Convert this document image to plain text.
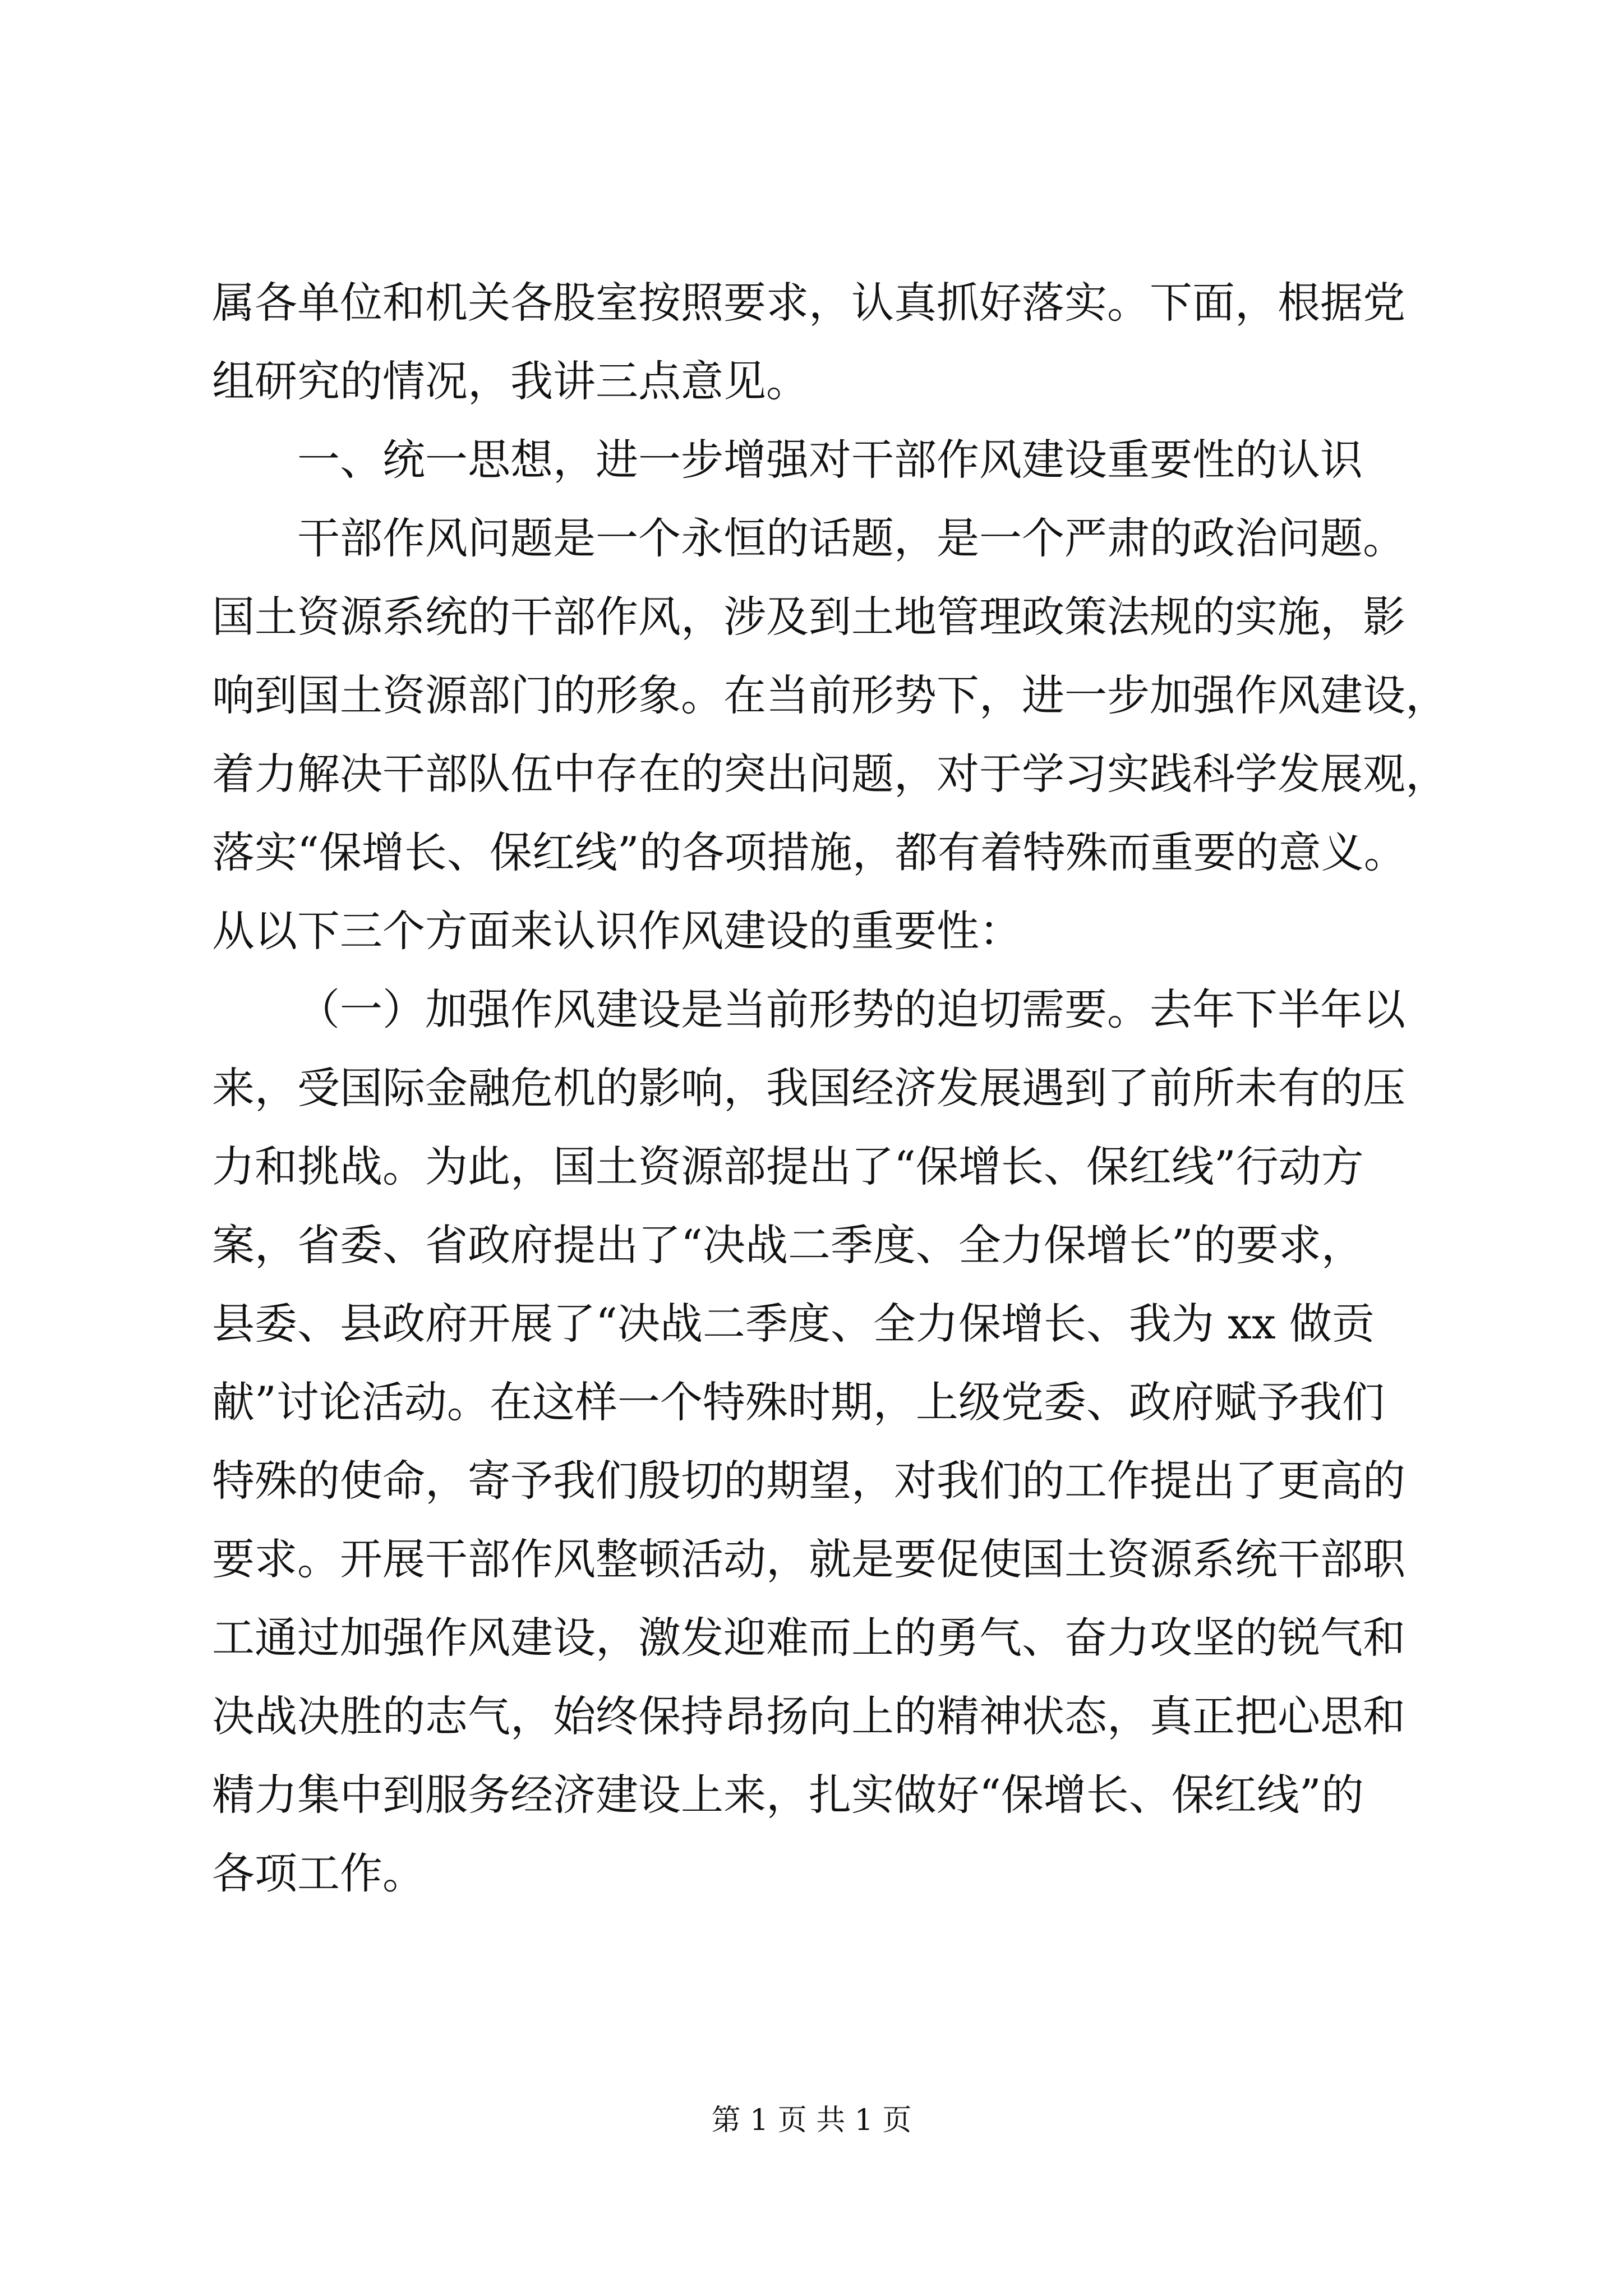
属各单位和机关各股室按照要求，认真抓好落实。下面，根据党
组研究的情况，我讲三点意见。
一、统一思想，进一步增强对干部作风建设重要性的认识
干部作风问题是一个永恒的话题，是一个严肃的政治问题。
国土资源系统的干部作风，涉及到土地管理政策法规的实施，影
响到国土资源部门的形象。在当前形势下，进一步加强作风建设，
着力解决干部队伍中存在的突出问题，对于学习实践科学发展观，
落实“保增长、保红线”的各项措施，都有着特殊而重要的意义。
从以下三个方面来认识作风建设的重要性：
（一）加强作风建设是当前形势的迫切需要。去年下半年以
来，受国际金融危机的影响，我国经济发展遇到了前所未有的压
力和挑战。为此，国土资源部提出了“保增长、保红线”行动方
案，省委、省政府提出了“决战二季度、全力保增长”的要求，
县委、县政府开展了“决战二季度、全力保增长、我为 xx 做贡
献”讨论活动。在这样一个特殊时期，上级党委、政府赋予我们
特殊的使命，寄予我们殷切的期望，对我们的工作提出了更高的
要求。开展干部作风整顿活动，就是要促使国土资源系统干部职
工通过加强作风建设，激发迎难而上的勇气、奋力攻坚的锐气和
决战决胜的志气，始终保持昂扬向上的精神状态，真正把心思和
精力集中到服务经济建设上来，扎实做好“保增长、保红线”的
各项工作。
第 1 页 共 1 页
